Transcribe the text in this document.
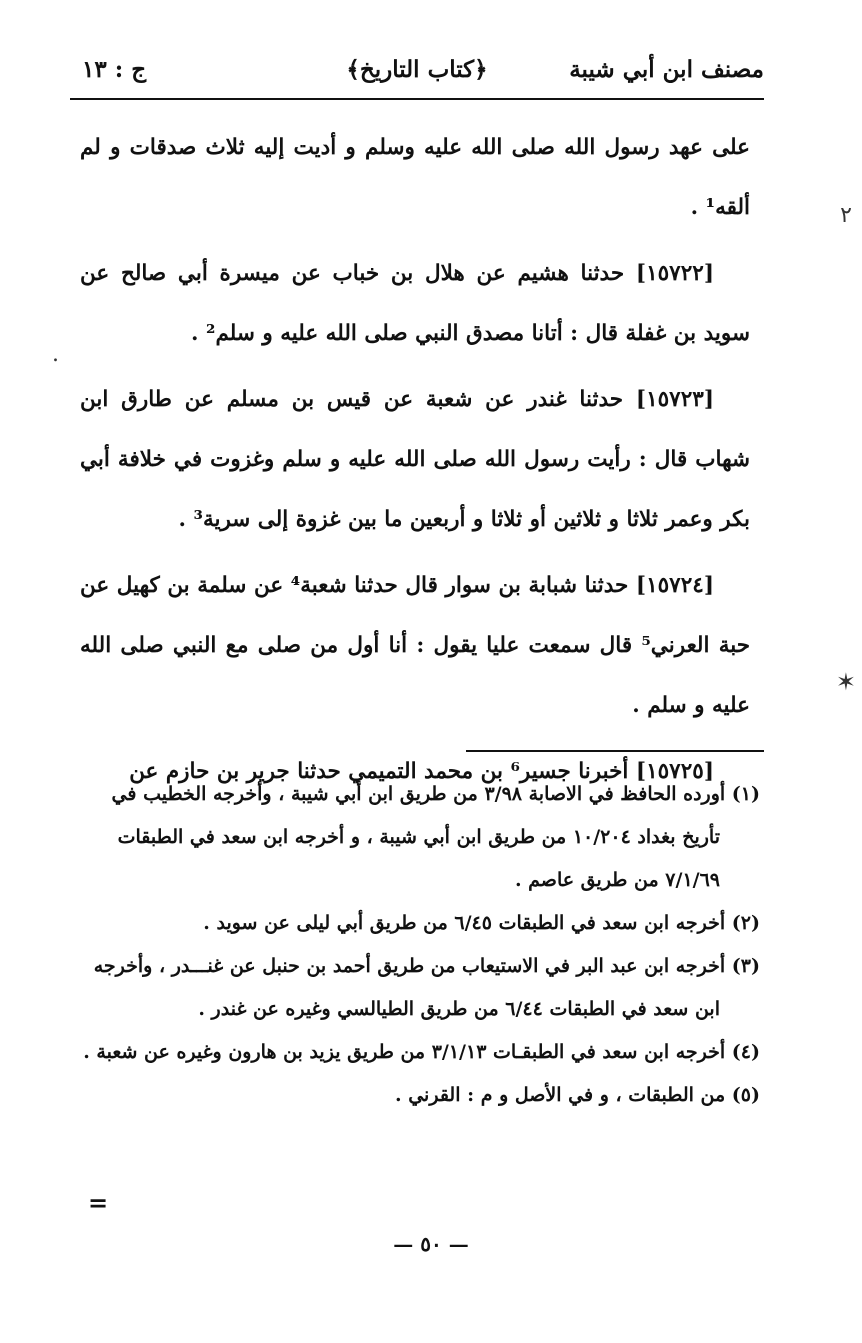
مصنف ابن أبي شيبة
﴿كتاب التاريخ﴾
ج : ١٣
٢
.
✶

على عهد رسول الله صلى الله عليه وسلم و أديت إليه ثلاث صدقات و لم ألقه¹ .

[١٥٧٢٢] حدثنا هشيم عن هلال بن خباب عن ميسرة أبي صالح عن سويد بن غفلة قال : أتانا مصدق النبي صلى الله عليه و سلم² .

[١٥٧٢٣] حدثنا غندر عن شعبة عن قيس بن مسلم عن طارق ابن شهاب قال : رأيت رسول الله صلى الله عليه و سلم وغزوت في خلافة أبي بكر وعمر ثلاثا و ثلاثين أو ثلاثا و أربعين ما بين غزوة إلى سرية³ .

[١٥٧٢٤] حدثنا شبابة بن سوار قال حدثنا شعبة⁴ عن سلمة بن كهيل عن حبة العرني⁵ قال سمعت عليا يقول : أنا أول من صلى مع النبي صلى الله عليه و سلم .

[١٥٧٢٥] أخبرنا جسير⁶ بن محمد التميمي حدثنا جرير بن حازم عن

(١) أورده الحافظ في الاصابة ٣/٩٨ من طريق ابن أبي شيبة ، وأخرجه الخطيب في تأريخ بغداد ١٠/٢٠٤ من طريق ابن أبي شيبة ، و أخرجه ابن سعد في الطبقات ٧/١/٦٩ من طريق عاصم .
(٢) أخرجه ابن سعد في الطبقات ٦/٤٥ من طريق أبي ليلى عن سويد .
(٣) أخرجه ابن عبد البر في الاستيعاب من طريق أحمد بن حنبل عن غنـــدر ، وأخرجه ابن سعد في الطبقات ٦/٤٤ من طريق الطيالسي وغيره عن غندر .
(٤) أخرجه ابن سعد في الطبقـات ٣/١/١٣ من طريق يزيد بن هارون وغيره عن شعبة .
(٥) من الطبقات ، و في الأصل و م : القرني .
=
— ٥٠ —
